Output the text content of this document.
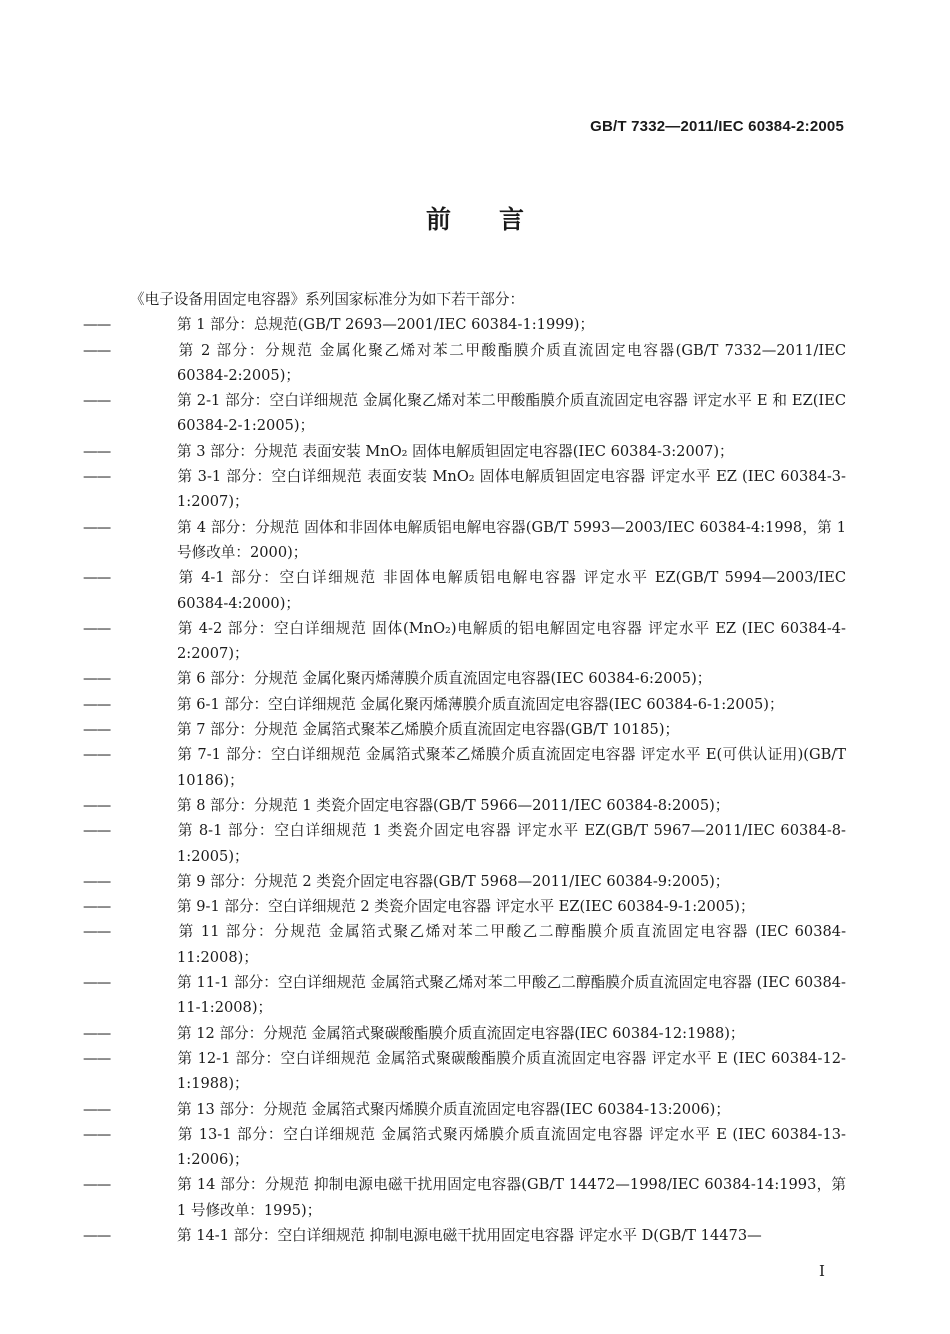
GB/T 7332—2011/IEC 60384-2:2005
前言

《电子设备用固定电容器》系列国家标准分为如下若干部分：

——第 1 部分：总规范(GB/T 2693—2001/IEC 60384-1:1999)；

——第 2 部分：分规范 金属化聚乙烯对苯二甲酸酯膜介质直流固定电容器(GB/T 7332—2011/IEC 60384-2:2005)；

——第 2-1 部分：空白详细规范 金属化聚乙烯对苯二甲酸酯膜介质直流固定电容器 评定水平 E 和 EZ(IEC 60384-2-1:2005)；

——第 3 部分：分规范 表面安装 MnO₂ 固体电解质钽固定电容器(IEC 60384-3:2007)；

——第 3-1 部分：空白详细规范 表面安装 MnO₂ 固体电解质钽固定电容器 评定水平 EZ (IEC 60384-3-1:2007)；

——第 4 部分：分规范 固体和非固体电解质铝电解电容器(GB/T 5993—2003/IEC 60384-4:1998，第 1 号修改单：2000)；

——第 4-1 部分：空白详细规范 非固体电解质铝电解电容器 评定水平 EZ(GB/T 5994—2003/IEC 60384-4:2000)；

——第 4-2 部分：空白详细规范 固体(MnO₂)电解质的铝电解固定电容器 评定水平 EZ (IEC 60384-4-2:2007)；

——第 6 部分：分规范 金属化聚丙烯薄膜介质直流固定电容器(IEC 60384-6:2005)；

——第 6-1 部分：空白详细规范 金属化聚丙烯薄膜介质直流固定电容器(IEC 60384-6-1:2005)；

——第 7 部分：分规范 金属箔式聚苯乙烯膜介质直流固定电容器(GB/T 10185)；

——第 7-1 部分：空白详细规范 金属箔式聚苯乙烯膜介质直流固定电容器 评定水平 E(可供认证用)(GB/T 10186)；

——第 8 部分：分规范 1 类瓷介固定电容器(GB/T 5966—2011/IEC 60384-8:2005)；

——第 8-1 部分：空白详细规范 1 类瓷介固定电容器 评定水平 EZ(GB/T 5967—2011/IEC 60384-8-1:2005)；

——第 9 部分：分规范 2 类瓷介固定电容器(GB/T 5968—2011/IEC 60384-9:2005)；

——第 9-1 部分：空白详细规范 2 类瓷介固定电容器 评定水平 EZ(IEC 60384-9-1:2005)；

——第 11 部分：分规范 金属箔式聚乙烯对苯二甲酸乙二醇酯膜介质直流固定电容器 (IEC 60384-11:2008)；

——第 11-1 部分：空白详细规范 金属箔式聚乙烯对苯二甲酸乙二醇酯膜介质直流固定电容器 (IEC 60384-11-1:2008)；

——第 12 部分：分规范 金属箔式聚碳酸酯膜介质直流固定电容器(IEC 60384-12:1988)；

——第 12-1 部分：空白详细规范 金属箔式聚碳酸酯膜介质直流固定电容器 评定水平 E (IEC 60384-12-1:1988)；

——第 13 部分：分规范 金属箔式聚丙烯膜介质直流固定电容器(IEC 60384-13:2006)；

——第 13-1 部分：空白详细规范 金属箔式聚丙烯膜介质直流固定电容器 评定水平 E (IEC 60384-13-1:2006)；

——第 14 部分：分规范 抑制电源电磁干扰用固定电容器(GB/T 14472—1998/IEC 60384-14:1993，第 1 号修改单：1995)；

——第 14-1 部分：空白详细规范 抑制电源电磁干扰用固定电容器 评定水平 D(GB/T 14473—

I
